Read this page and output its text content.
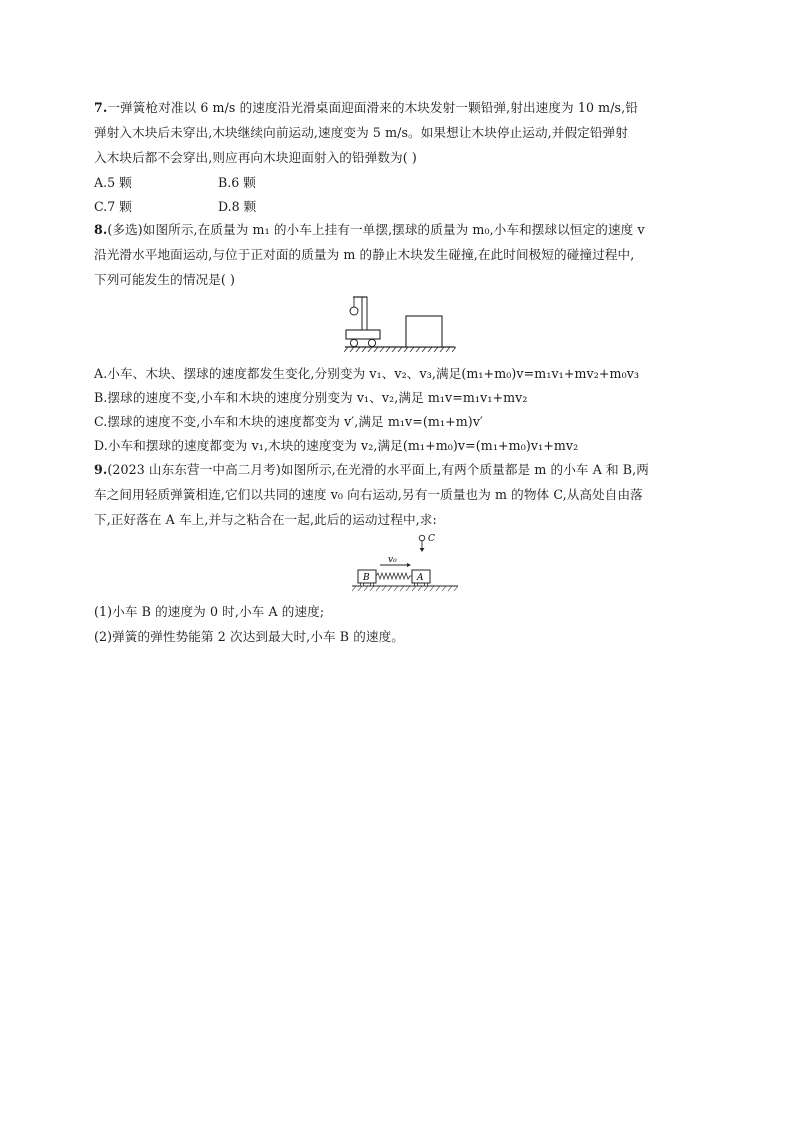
7.一弹簧枪对准以 6 m/s 的速度沿光滑桌面迎面滑来的木块发射一颗铅弹,射出速度为 10 m/s,铅
弹射入木块后未穿出,木块继续向前运动,速度变为 5 m/s。如果想让木块停止运动,并假定铅弹射
入木块后都不会穿出,则应再向木块迎面射入的铅弹数为( )
A.5 颗	B.6 颗
C.7 颗	D.8 颗
8.(多选)如图所示,在质量为 m₁ 的小车上挂有一单摆,摆球的质量为 m₀,小车和摆球以恒定的速度 v
沿光滑水平地面运动,与位于正对面的质量为 m 的静止木块发生碰撞,在此时间极短的碰撞过程中,
下列可能发生的情况是( )
A.小车、木块、摆球的速度都发生变化,分别变为 v₁、v₂、v₃,满足(m₁+m₀)v=m₁v₁+mv₂+m₀v₃
B.摆球的速度不变,小车和木块的速度分别变为 v₁、v₂,满足 m₁v=m₁v₁+mv₂
C.摆球的速度不变,小车和木块的速度都变为 v′,满足 m₁v=(m₁+m)v′
D.小车和摆球的速度都变为 v₁,木块的速度变为 v₂,满足(m₁+m₀)v=(m₁+m₀)v₁+mv₂
9.(2023 山东东营一中高二月考)如图所示,在光滑的水平面上,有两个质量都是 m 的小车 A 和 B,两
车之间用轻质弹簧相连,它们以共同的速度 v₀ 向右运动,另有一质量也为 m 的物体 C,从高处自由落
下,正好落在 A 车上,并与之粘合在一起,此后的运动过程中,求:
C
v₀
B	A
(1)小车 B 的速度为 0 时,小车 A 的速度;
(2)弹簧的弹性势能第 2 次达到最大时,小车 B 的速度。
